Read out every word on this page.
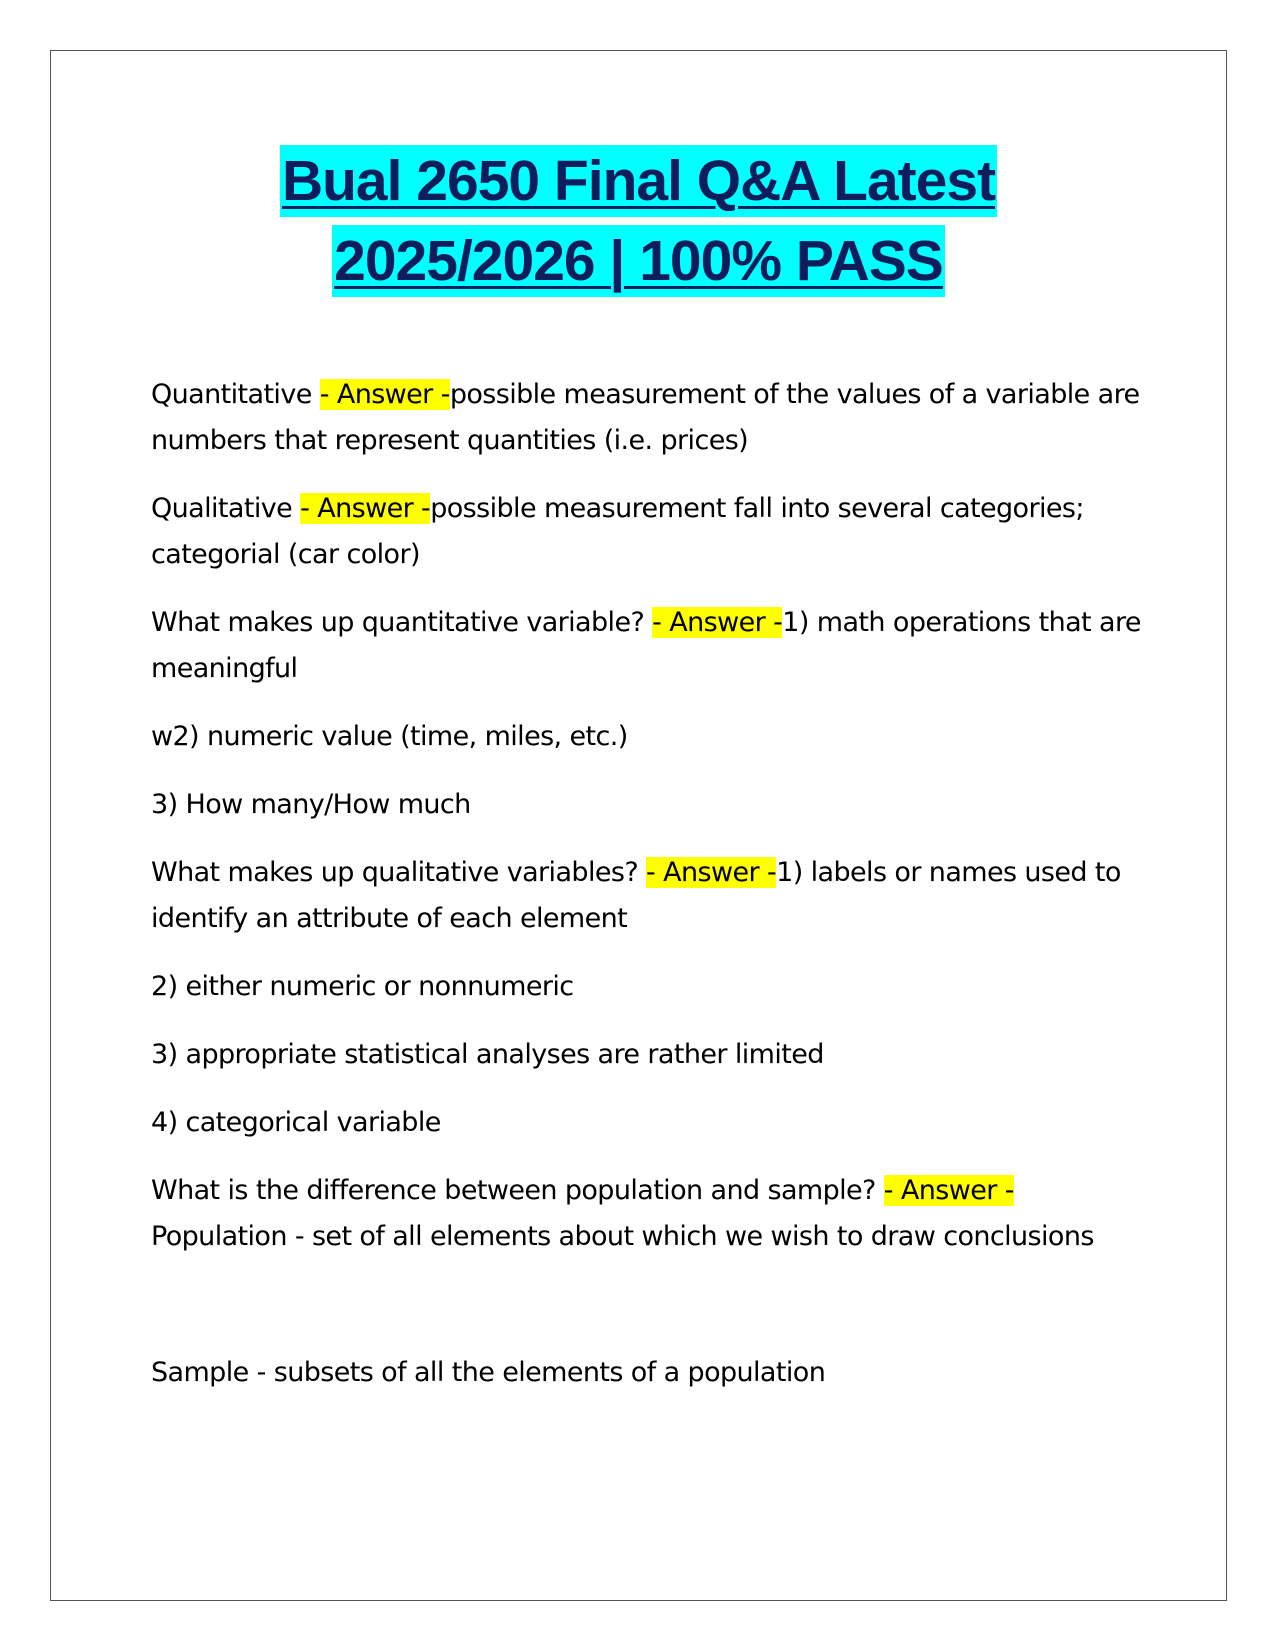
Bual 2650 Final Q&A Latest
2025/2026 | 100% PASS

Quantitative - Answer -possible measurement of the values of a variable are numbers that represent quantities (i.e. prices)

Qualitative - Answer -possible measurement fall into several categories; categorial (car color)

What makes up quantitative variable? - Answer -1) math operations that are meaningful

w2) numeric value (time, miles, etc.)

3) How many/How much

What makes up qualitative variables? - Answer -1) labels or names used to identify an attribute of each element

2) either numeric or nonnumeric

3) appropriate statistical analyses are rather limited

4) categorical variable

What is the difference between population and sample? - Answer - Population - set of all elements about which we wish to draw conclusions

Sample - subsets of all the elements of a population
